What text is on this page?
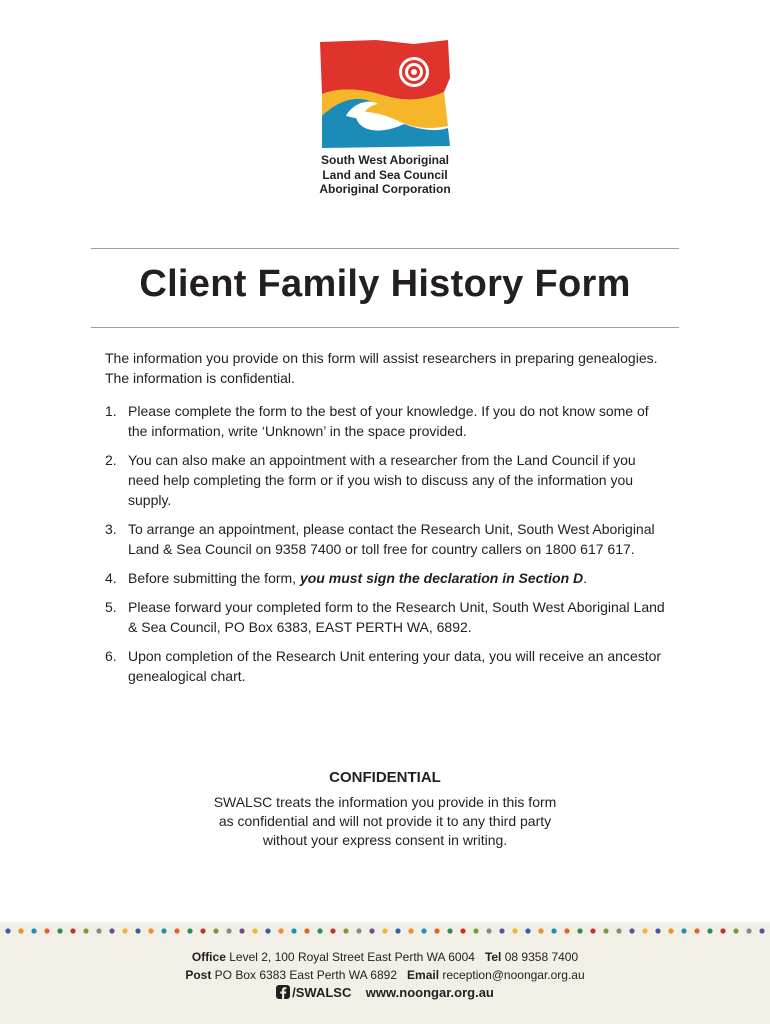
South West Aboriginal
Land and Sea Council
Aboriginal Corporation
Client Family History Form
The information you provide on this form will assist researchers in preparing genealogies. The information is confidential.
1. Please complete the form to the best of your knowledge. If you do not know some of the information, write ‘Unknown’ in the space provided.
2. You can also make an appointment with a researcher from the Land Council if you need help completing the form or if you wish to discuss any of the information you supply.
3. To arrange an appointment, please contact the Research Unit, South West Aboriginal Land & Sea Council on 9358 7400 or toll free for country callers on 1800 617 617.
4. Before submitting the form, you must sign the declaration in Section D.
5. Please forward your completed form to the Research Unit, South West Aboriginal Land & Sea Council, PO Box 6383, EAST PERTH WA, 6892.
6. Upon completion of the Research Unit entering your data, you will receive an ancestor genealogical chart.
CONFIDENTIAL
SWALSC treats the information you provide in this form
as confidential and will not provide it to any third party
without your express consent in writing.
Office Level 2, 100 Royal Street East Perth WA 6004 Tel 08 9358 7400
Post PO Box 6383 East Perth WA 6892 Email reception@noongar.org.au
/SWALSC www.noongar.org.au
